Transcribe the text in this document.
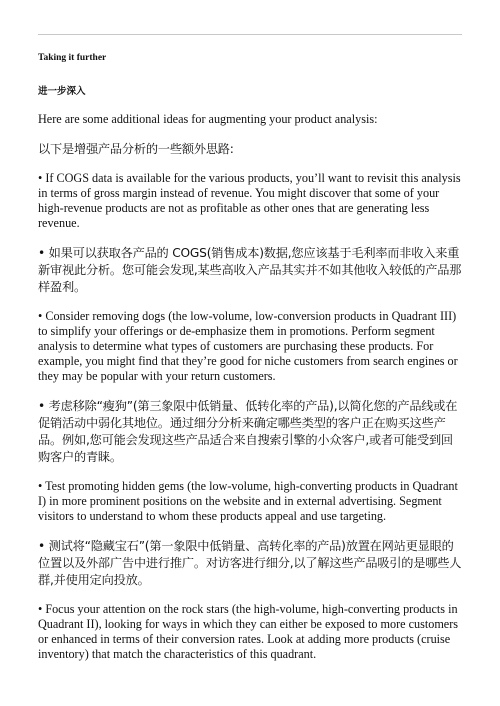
Taking it further
进一步深入

Here are some additional ideas for augmenting your product analysis:

以下是增强产品分析的一些额外思路:

• If COGS data is available for the various products, you’ll want to revisit this analysis in terms of gross margin instead of revenue. You might discover that some of your high-revenue products are not as profitable as other ones that are generating less revenue.

• 如果可以获取各产品的 COGS(销售成本)数据,您应该基于毛利率而非收入来重新审视此分析。您可能会发现,某些高收入产品其实并不如其他收入较低的产品那样盈利。

• Consider removing dogs (the low-volume, low-conversion products in Quadrant III) to simplify your offerings or de-emphasize them in promotions. Perform segment analysis to determine what types of customers are purchasing these products. For example, you might find that they’re good for niche customers from search engines or they may be popular with your return customers.

• 考虑移除“瘦狗”(第三象限中低销量、低转化率的产品),以简化您的产品线或在促销活动中弱化其地位。通过细分分析来确定哪些类型的客户正在购买这些产品。例如,您可能会发现这些产品适合来自搜索引擎的小众客户,或者可能受到回购客户的青睐。

• Test promoting hidden gems (the low-volume, high-converting products in Quadrant I) in more prominent positions on the website and in external advertising. Segment visitors to understand to whom these products appeal and use targeting.

• 测试将“隐藏宝石”(第一象限中低销量、高转化率的产品)放置在网站更显眼的位置以及外部广告中进行推广。对访客进行细分,以了解这些产品吸引的是哪些人群,并使用定向投放。

• Focus your attention on the rock stars (the high-volume, high-converting products in Quadrant II), looking for ways in which they can either be exposed to more customers or enhanced in terms of their conversion rates. Look at adding more products (cruise inventory) that match the characteristics of this quadrant.
